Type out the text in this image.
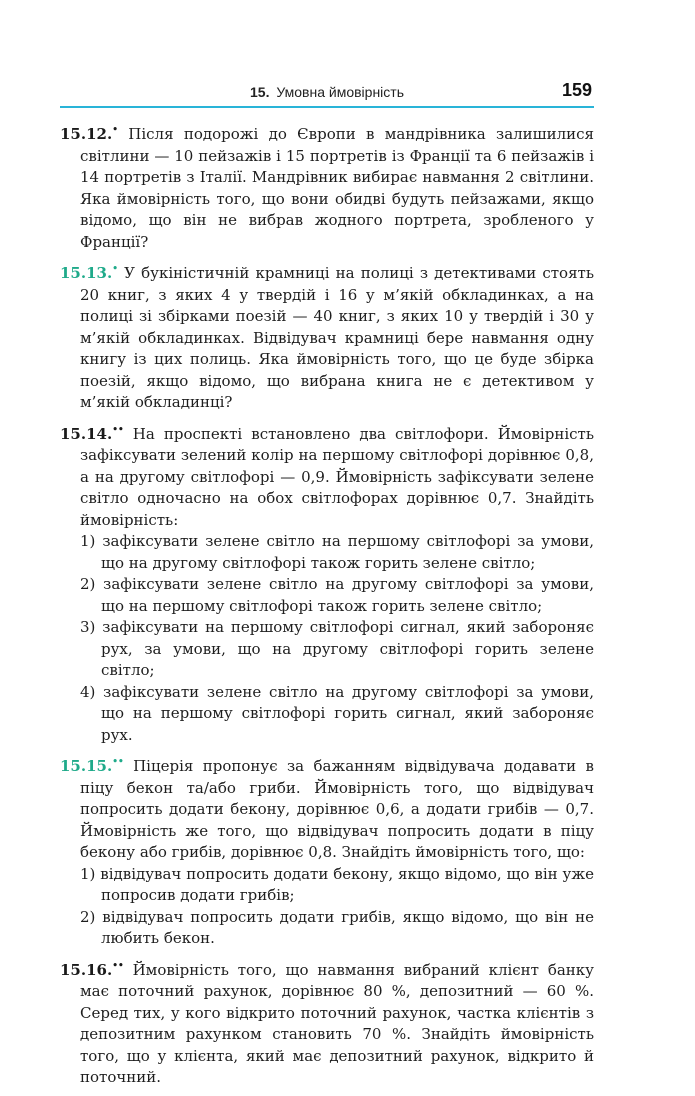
15. Умовна ймовірність	159

15.12.• Після подорожі до Європи в мандрівника залишилися світлини — 10 пейзажів і 15 портретів із Франції та 6 пейзажів і 14 портретів з Італії. Мандрівник вибирає навмання 2 світлини. Яка ймовірність того, що вони обидві будуть пейзажами, якщо відомо, що він не вибрав жодного портрета, зробленого у Франції?

15.13.• У букіністичній крамниці на полиці з детективами стоять 20 книг, з яких 4 у твердій і 16 у м’якій обкладинках, а на полиці зі збірками поезій — 40 книг, з яких 10 у твердій і 30 у м’якій обкладинках. Відвідувач крамниці бере навмання одну книгу із цих полиць. Яка ймовірність того, що це буде збірка поезій, якщо відомо, що вибрана книга не є детективом у м’якій обкладинці?

15.14.•• На проспекті встановлено два світлофори. Ймовірність зафіксувати зелений колір на першому світлофорі дорівнює 0,8, а на другому світлофорі — 0,9. Ймовірність зафіксувати зелене світло одночасно на обох світлофорах дорівнює 0,7. Знайдіть ймовірність:

1) зафіксувати зелене світло на першому світлофорі за умови, що на другому світлофорі також горить зелене світло;
2) зафіксувати зелене світло на другому світлофорі за умови, що на першому світлофорі також горить зелене світло;
3) зафіксувати на першому світлофорі сигнал, який забороняє рух, за умови, що на другому світлофорі горить зелене світло;
4) зафіксувати зелене світло на другому світлофорі за умови, що на першому світлофорі горить сигнал, який забороняє рух.

15.15.•• Піцерія пропонує за бажанням відвідувача додавати в піцу бекон та/або гриби. Ймовірність того, що відвідувач попросить додати бекону, дорівнює 0,6, а додати грибів — 0,7. Ймовірність же того, що відвідувач попросить додати в піцу бекону або грибів, дорівнює 0,8. Знайдіть ймовірність того, що:

1) відвідувач попросить додати бекону, якщо відомо, що він уже попросив додати грибів;
2) відвідувач попросить додати грибів, якщо відомо, що він не любить бекон.

15.16.•• Ймовірність того, що навмання вибраний клієнт банку має поточний рахунок, дорівнює 80 %, депозитний — 60 %. Серед тих, у кого відкрито поточний рахунок, частка клієнтів з депозитним рахунком становить 70 %. Знайдіть ймовірність того, що у клієнта, який має депозитний рахунок, відкрито й поточний.
